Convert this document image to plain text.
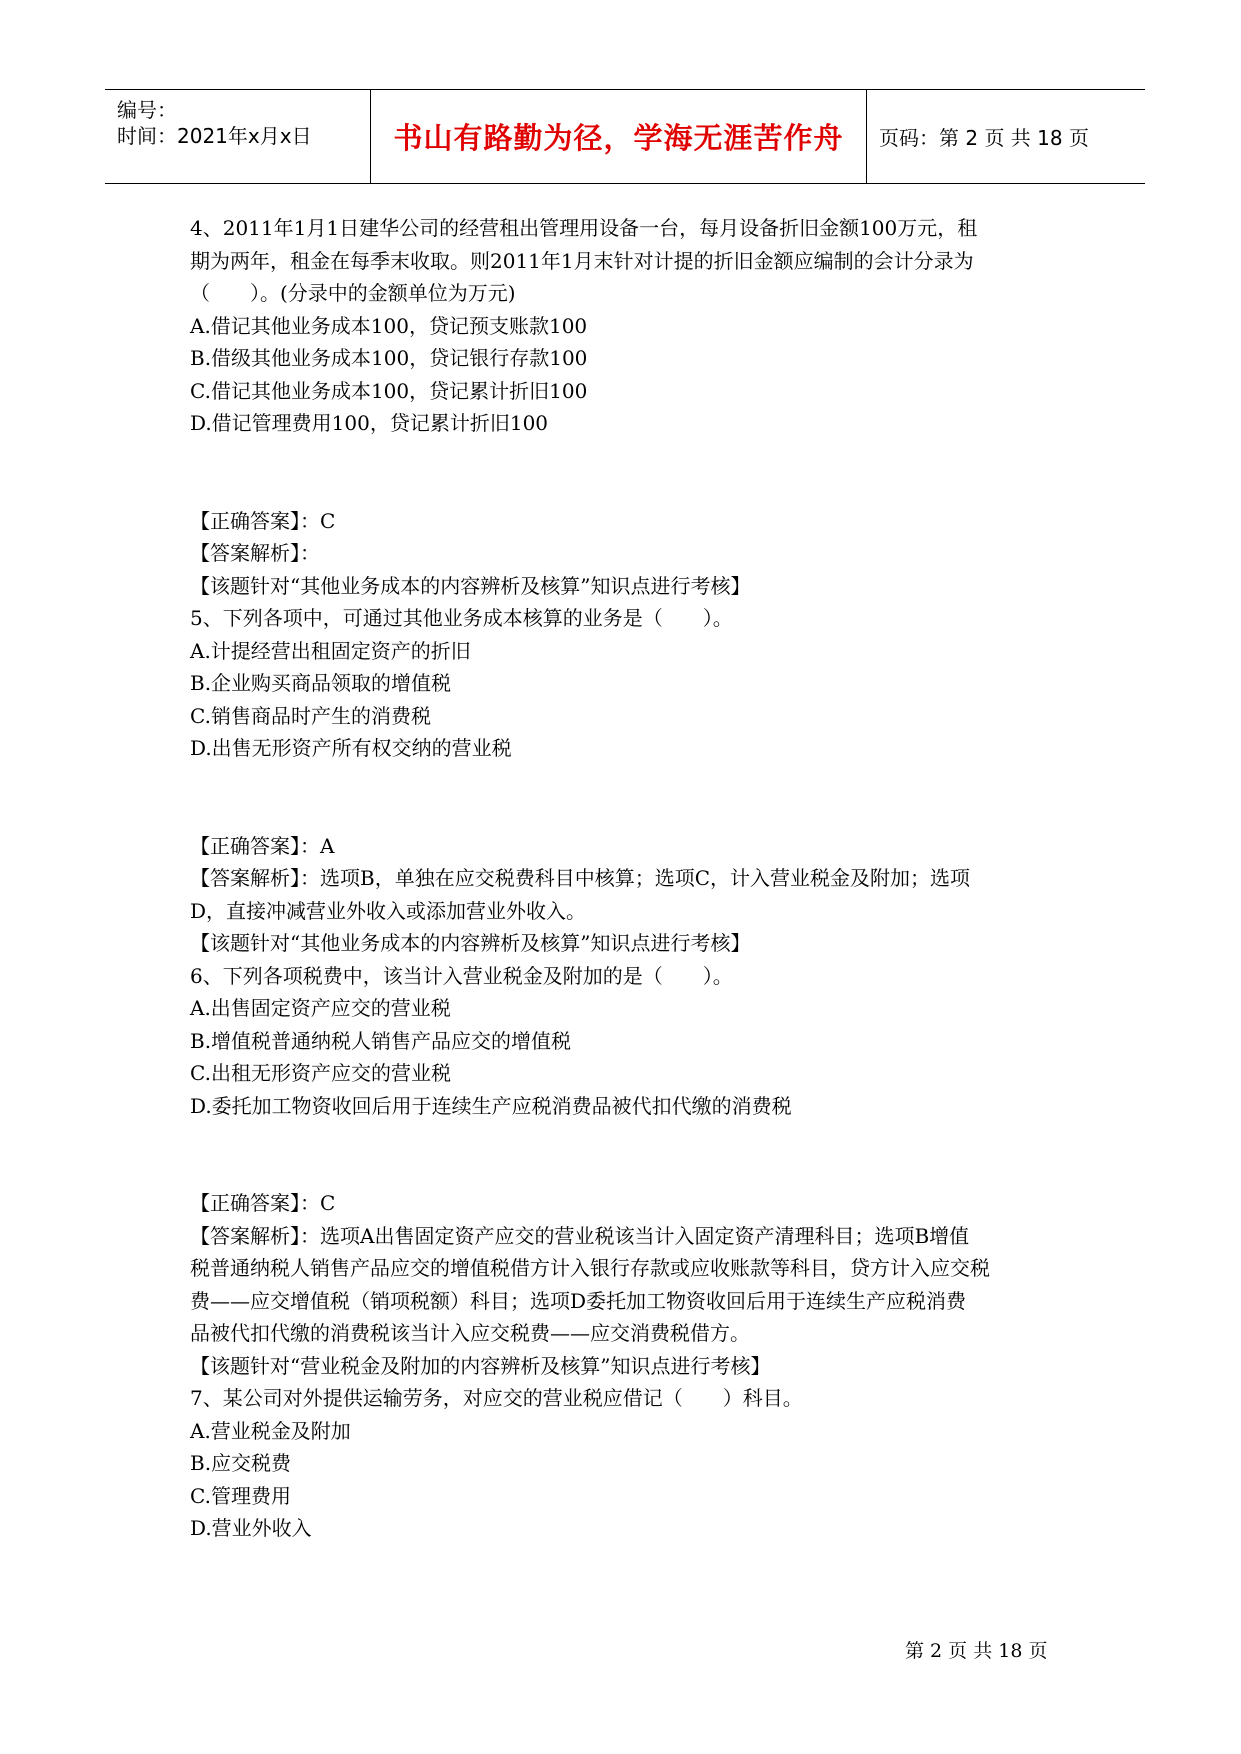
编号：
时间：2021年x月x日	书山有路勤为径，学海无涯苦作舟	页码：第 2 页 共 18 页
4、2011年1月1日建华公司的经营租出管理用设备一台，每月设备折旧金额100万元，租
期为两年，租金在每季末收取。则2011年1月末针对计提的折旧金额应编制的会计分录为
（　　）。(分录中的金额单位为万元)
A.借记其他业务成本100，贷记预支账款100
B.借级其他业务成本100，贷记银行存款100
C.借记其他业务成本100，贷记累计折旧100
D.借记管理费用100，贷记累计折旧100
【正确答案】：C
【答案解析】：
【该题针对“其他业务成本的内容辨析及核算”知识点进行考核】
5、下列各项中，可通过其他业务成本核算的业务是（　　）。
A.计提经营出租固定资产的折旧
B.企业购买商品领取的增值税
C.销售商品时产生的消费税
D.出售无形资产所有权交纳的营业税
【正确答案】：A
【答案解析】：选项B，单独在应交税费科目中核算；选项C，计入营业税金及附加；选项
D，直接冲减营业外收入或添加营业外收入。
【该题针对“其他业务成本的内容辨析及核算”知识点进行考核】
6、下列各项税费中，该当计入营业税金及附加的是（　　）。
A.出售固定资产应交的营业税
B.增值税普通纳税人销售产品应交的增值税
C.出租无形资产应交的营业税
D.委托加工物资收回后用于连续生产应税消费品被代扣代缴的消费税
【正确答案】：C
【答案解析】：选项A出售固定资产应交的营业税该当计入固定资产清理科目；选项B增值
税普通纳税人销售产品应交的增值税借方计入银行存款或应收账款等科目，贷方计入应交税
费——应交增值税（销项税额）科目；选项D委托加工物资收回后用于连续生产应税消费
品被代扣代缴的消费税该当计入应交税费——应交消费税借方。
【该题针对“营业税金及附加的内容辨析及核算”知识点进行考核】
7、某公司对外提供运输劳务，对应交的营业税应借记（　　）科目。
A.营业税金及附加
B.应交税费
C.管理费用
D.营业外收入
第 2 页 共 18 页
